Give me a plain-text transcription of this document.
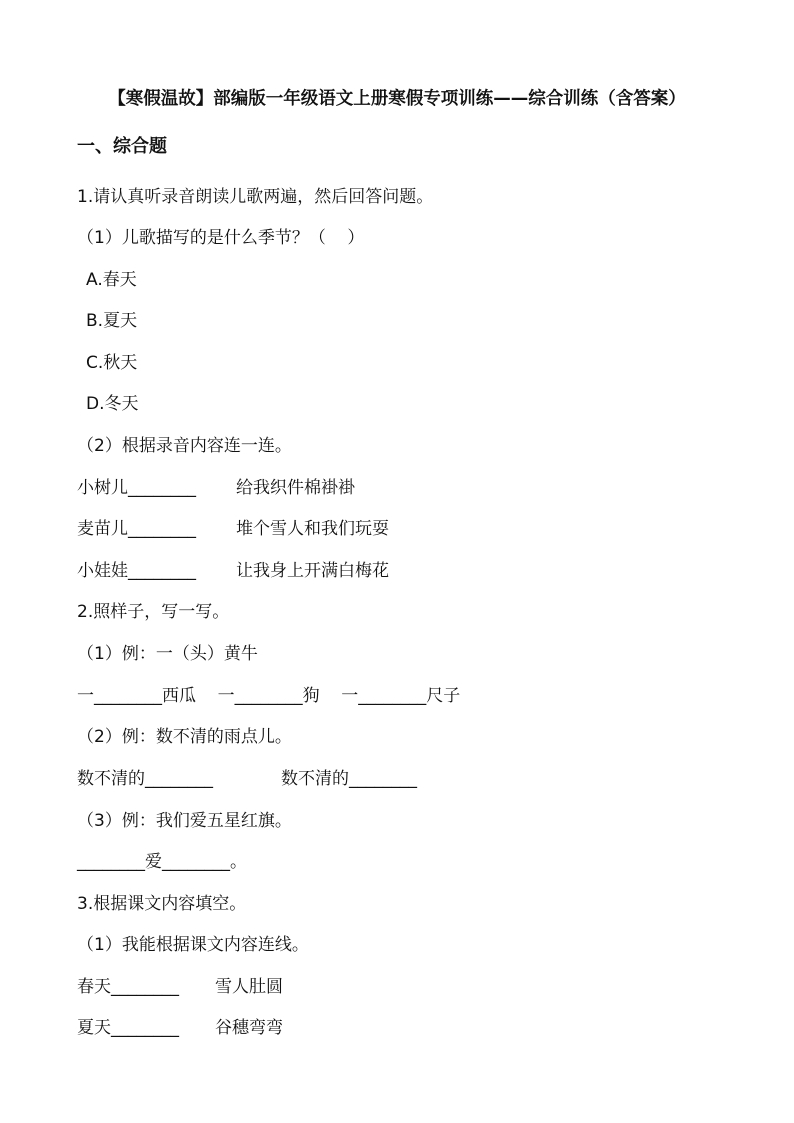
【寒假温故】部编版一年级语文上册寒假专项训练——综合训练（含答案）
一、综合题
1.请认真听录音朗读儿歌两遍，然后回答问题。
（1）儿歌描写的是什么季节？（    ）
A.春天
B.夏天
C.秋天
D.冬天
（2）根据录音内容连一连。
小树儿________ 给我织件棉褂褂
麦苗儿________ 堆个雪人和我们玩耍
小娃娃________ 让我身上开满白梅花
2.照样子，写一写。
（1）例：一（头）黄牛
一________西瓜    一________狗    一________尺子
（2）例：数不清的雨点儿。
数不清的________	数不清的________
（3）例：我们爱五星红旗。
________爱________。
3.根据课文内容填空。
（1）我能根据课文内容连线。
春天________ 雪人肚圆
夏天________ 谷穗弯弯
